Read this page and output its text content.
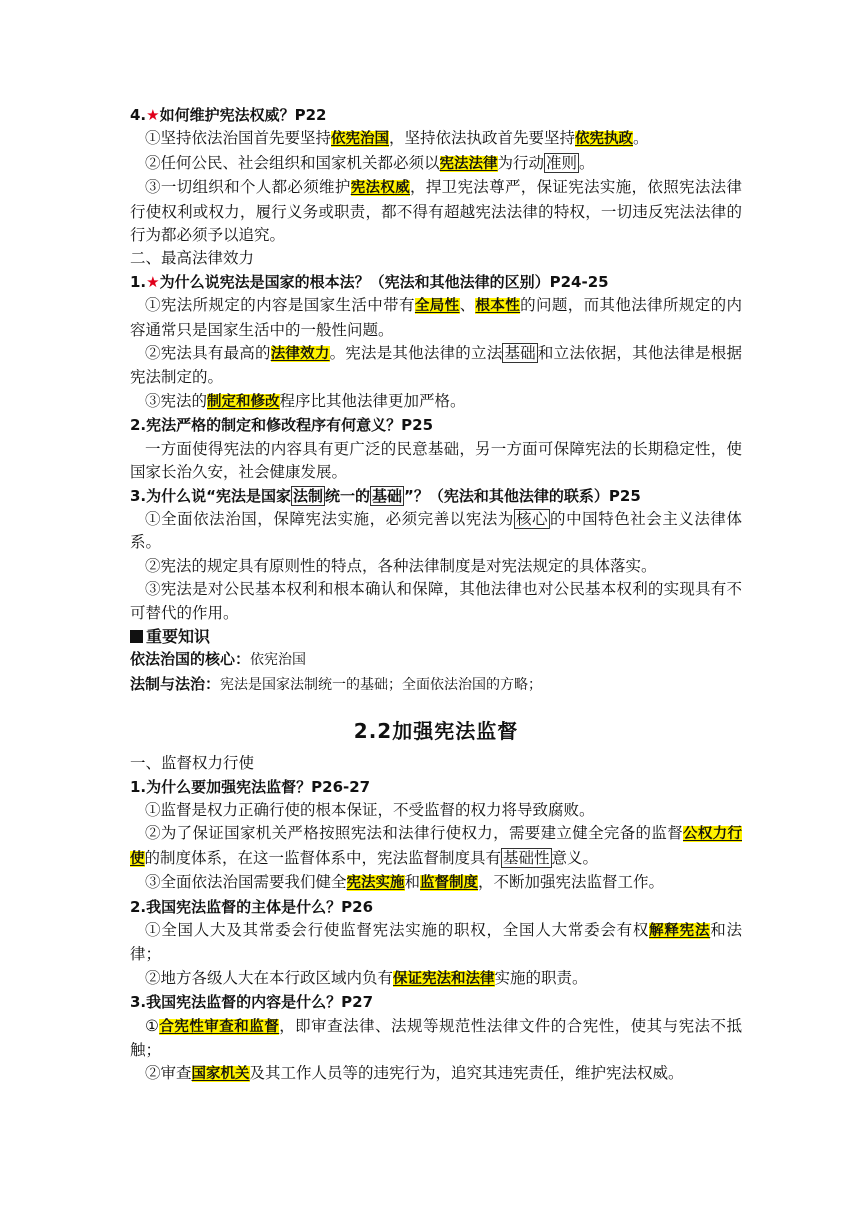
4.★如何维护宪法权威？P22
①坚持依法治国首先要坚持依宪治国，坚持依法执政首先要坚持依宪执政。
②任何公民、社会组织和国家机关都必须以宪法法律为行动 准则 。
③一切组织和个人都必须维护宪法权威，捍卫宪法尊严，保证宪法实施，依照宪法法律行使权利或权力，履行义务或职责，都不得有超越宪法法律的特权，一切违反宪法法律的行为都必须予以追究。
二、最高法律效力
1.★为什么说宪法是国家的根本法？（宪法和其他法律的区别）P24-25
①宪法所规定的内容是国家生活中带有全局性、根本性的问题，而其他法律所规定的内容通常只是国家生活中的一般性问题。
②宪法具有最高的法律效力。宪法是其他法律的立法 基础 和立法依据，其他法律是根据宪法制定的。
③宪法的制定和修改程序比其他法律更加严格。
2.宪法严格的制定和修改程序有何意义？P25
一方面使得宪法的内容具有更广泛的民意基础，另一方面可保障宪法的长期稳定性，使国家长治久安，社会健康发展。
3.为什么说“宪法是国家 法制 统一的 基础 ”？（宪法和其他法律的联系）P25
①全面依法治国，保障宪法实施，必须完善以宪法为 核心 的中国特色社会主义法律体系。
②宪法的规定具有原则性的特点，各种法律制度是对宪法规定的具体落实。
③宪法是对公民基本权利和根本确认和保障，其他法律也对公民基本权利的实现具有不可替代的作用。
重要知识
依法治国的核心：依宪治国
法制与法治：宪法是国家法制统一的基础；全面依法治国的方略；
2.2加强宪法监督
一、监督权力行使
1.为什么要加强宪法监督？P26-27
①监督是权力正确行使的根本保证，不受监督的权力将导致腐败。
②为了保证国家机关严格按照宪法和法律行使权力，需要建立健全完备的监督公权力行使的制度体系，在这一监督体系中，宪法监督制度具有 基础性 意义。
③全面依法治国需要我们健全宪法实施和监督制度，不断加强宪法监督工作。
2.我国宪法监督的主体是什么？P26
①全国人大及其常委会行使监督宪法实施的职权，全国人大常委会有权解释宪法和法律；
②地方各级人大在本行政区域内负有保证宪法和法律实施的职责。
3.我国宪法监督的内容是什么？P27
①合宪性审查和监督，即审查法律、法规等规范性法律文件的合宪性，使其与宪法不抵触；
②审查国家机关及其工作人员等的违宪行为，追究其违宪责任，维护宪法权威。
